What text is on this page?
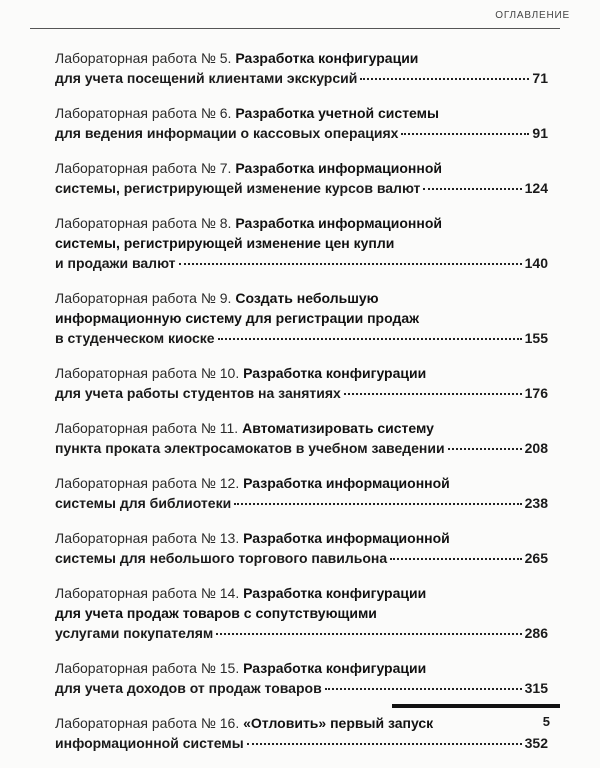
ОГЛАВЛЕНИЕ
Лабораторная работа № 5. Разработка конфигурации
для учета посещений клиентами экскурсий	71
Лабораторная работа № 6. Разработка учетной системы
для ведения информации о кассовых операциях	91
Лабораторная работа № 7. Разработка информационной
системы, регистрирующей изменение курсов валют	124
Лабораторная работа № 8. Разработка информационной
системы, регистрирующей изменение цен купли
и продажи валют	140
Лабораторная работа № 9. Создать небольшую
информационную систему для регистрации продаж
в студенческом киоске	155
Лабораторная работа № 10. Разработка конфигурации
для учета работы студентов на занятиях	176
Лабораторная работа № 11. Автоматизировать систему
пункта проката электросамокатов в учебном заведении	208
Лабораторная работа № 12. Разработка информационной
системы для библиотеки	238
Лабораторная работа № 13. Разработка информационной
системы для небольшого торгового павильона	265
Лабораторная работа № 14. Разработка конфигурации
для учета продаж товаров с сопутствующими
услугами покупателям	286
Лабораторная работа № 15. Разработка конфигурации
для учета доходов от продаж товаров	315
Лабораторная работа № 16. «Отловить» первый запуск
информационной системы	352
5
